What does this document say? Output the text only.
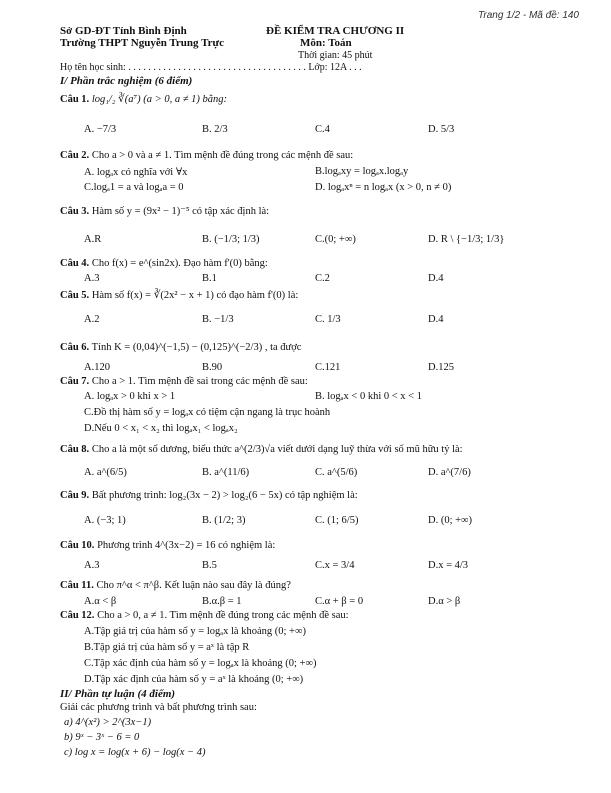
Trang 1/2 - Mã đề: 140
Sở GD-ĐT Tỉnh Bình Định
Trường THPT Nguyễn Trung Trực
ĐỀ KIỂM TRA CHƯƠNG II
Môn: Toán
Thời gian: 45 phút
Họ tên học sinh: . . . . . . . . . . . . . . . . . . . . . . . . . . . . . . . . . . . . Lớp: 12A . . .
I/ Phần trắc nghiệm (6 điểm)
Câu 1. log₁/₂ ∛(a⁷) (a > 0, a ≠ 1) bằng:
A. −7/3	B. 2/3	C.4	D. 5/3
Câu 2. Cho a > 0 và a ≠ 1. Tìm mệnh đề đúng trong các mệnh đề sau:
A. logₐx có nghĩa với ∀x	B.logₐxy = logₐx.logₐy
C.logₐ1 = a và logₐa = 0	D. logₐxⁿ = n logₐx (x > 0, n ≠ 0)
Câu 3. Hàm số y = (9x² − 1)⁻⁵ có tập xác định là:
A.R	B. (−1/3; 1/3)	C.(0; +∞)	D. R \ {−1/3; 1/3}
Câu 4. Cho f(x) = e^(sin2x). Đạo hàm f'(0) bằng:
A.3	B.1	C.2	D.4
Câu 5. Hàm số f(x) = ∛(2x² − x + 1) có đạo hàm f'(0) là:
A.2	B. −1/3	C. 1/3	D.4
Câu 6. Tính K = (0,04)^(−1,5) − (0,125)^(−2/3) , ta được
A.120	B.90	C.121	D.125
Câu 7. Cho a > 1. Tìm mệnh đề sai trong các mệnh đề sau:
A. logₐx > 0 khi x > 1	B. logₐx < 0 khi 0 < x < 1
C.Đồ thị hàm số y = logₐx có tiệm cận ngang là trục hoành
D.Nếu 0 < x₁ < x₂ thì logₐx₁ < logₐx₂
Câu 8. Cho a là một số dương, biểu thức a^(2/3)√a viết dưới dạng luỹ thừa với số mũ hữu tỷ là:
A. a^(6/5)	B. a^(11/6)	C. a^(5/6)	D. a^(7/6)
Câu 9. Bất phương trình: log₂(3x − 2) > log₂(6 − 5x) có tập nghiệm là:
A. (−3; 1)	B. (1/2; 3)	C. (1; 6/5)	D. (0; +∞)
Câu 10. Phương trình 4^(3x−2) = 16 có nghiệm là:
A.3	B.5	C.x = 3/4	D.x = 4/3
Câu 11. Cho π^α < π^β. Kết luận nào sau đây là đúng?
A.α < β	B.α.β = 1	C.α + β = 0	D.α > β
Câu 12. Cho a > 0, a ≠ 1. Tìm mệnh đề đúng trong các mệnh đề sau:
A.Tập giá trị của hàm số y = logₐx là khoảng (0; +∞)
B.Tập giá trị của hàm số y = aˣ là tập R
C.Tập xác định của hàm số y = logₐx là khoảng (0; +∞)
D.Tập xác định của hàm số y = aˣ là khoảng (0; +∞)
II/ Phần tự luận (4 điểm)
Giải các phương trình và bất phương trình sau:
a) 4^(x²) > 2^(3x−1)
b) 9ˣ − 3ˣ − 6 = 0
c) log x = log(x + 6) − log(x − 4)
